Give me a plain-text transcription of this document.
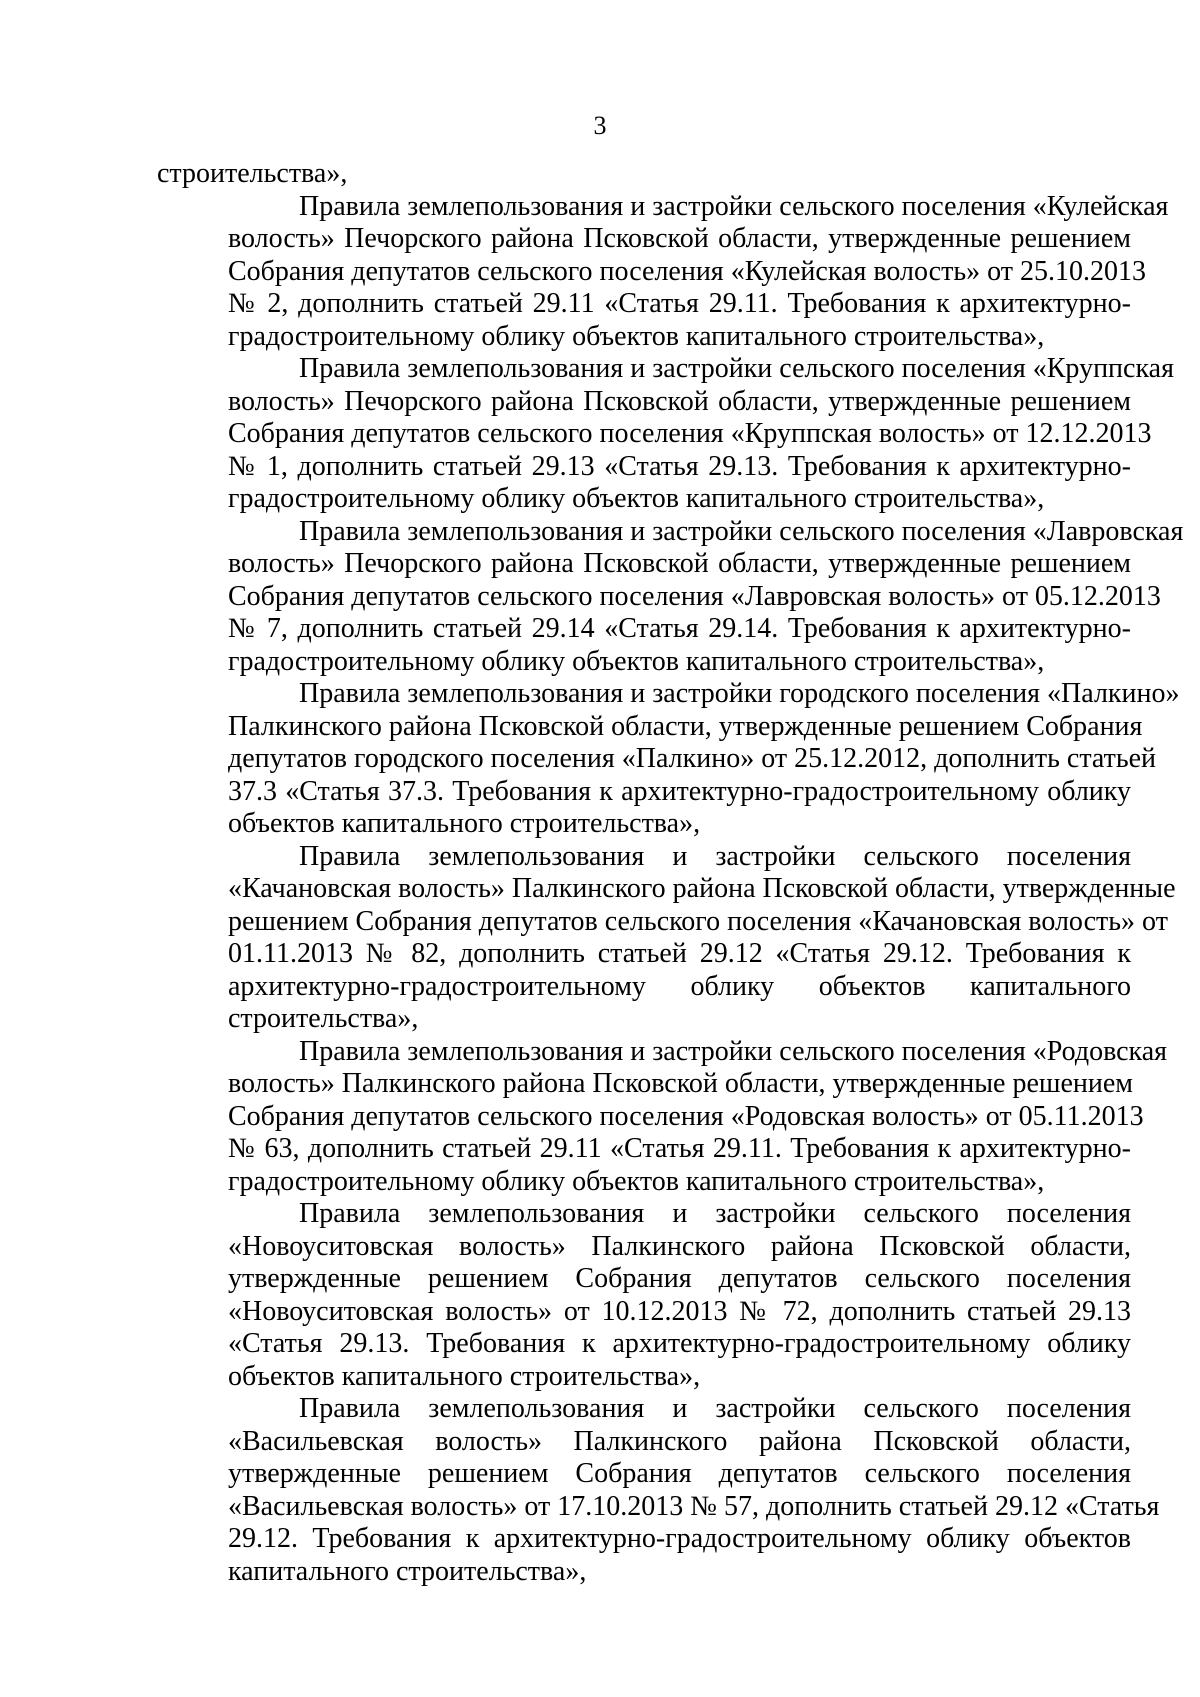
3

строительства»,

Правила землепользования и застройки сельского поселения «Кулейская
волость» Печорского района Псковской области, утвержденные решением
Собрания депутатов сельского поселения «Кулейская волость» от 25.10.2013
№ 2, дополнить статьей 29.11 «Статья 29.11. Требования к архитектурно-
градостроительному облику объектов капитального строительства»,

Правила землепользования и застройки сельского поселения «Круппская
волость» Печорского района Псковской области, утвержденные решением
Собрания депутатов сельского поселения «Круппская волость» от 12.12.2013
№ 1, дополнить статьей 29.13 «Статья 29.13. Требования к архитектурно-
градостроительному облику объектов капитального строительства»,

Правила землепользования и застройки сельского поселения «Лавровская
волость» Печорского района Псковской области, утвержденные решением
Собрания депутатов сельского поселения «Лавровская волость» от 05.12.2013
№ 7, дополнить статьей 29.14 «Статья 29.14. Требования к архитектурно-
градостроительному облику объектов капитального строительства»,

Правила землепользования и застройки городского поселения «Палкино»
Палкинского района Псковской области, утвержденные решением Собрания
депутатов городского поселения «Палкино» от 25.12.2012, дополнить статьей
37.3 «Статья 37.3. Требования к архитектурно-градостроительному облику
объектов капитального строительства»,

Правила землепользования и застройки сельского поселения
«Качановская волость» Палкинского района Псковской области, утвержденные
решением Собрания депутатов сельского поселения «Качановская волость» от
01.11.2013 № 82, дополнить статьей 29.12 «Статья 29.12. Требования к
архитектурно-градостроительному облику объектов капитального
строительства»,

Правила землепользования и застройки сельского поселения «Родовская
волость» Палкинского района Псковской области, утвержденные решением
Собрания депутатов сельского поселения «Родовская волость» от 05.11.2013
№ 63, дополнить статьей 29.11 «Статья 29.11. Требования к архитектурно-
градостроительному облику объектов капитального строительства»,

Правила землепользования и застройки сельского поселения
«Новоуситовская волость» Палкинского района Псковской области,
утвержденные решением Собрания депутатов сельского поселения
«Новоуситовская волость» от 10.12.2013 № 72, дополнить статьей 29.13
«Статья 29.13. Требования к архитектурно-градостроительному облику
объектов капитального строительства»,

Правила землепользования и застройки сельского поселения
«Васильевская волость» Палкинского района Псковской области,
утвержденные решением Собрания депутатов сельского поселения
«Васильевская волость» от 17.10.2013 № 57, дополнить статьей 29.12 «Статья
29.12. Требования к архитектурно-градостроительному облику объектов
капитального строительства»,
